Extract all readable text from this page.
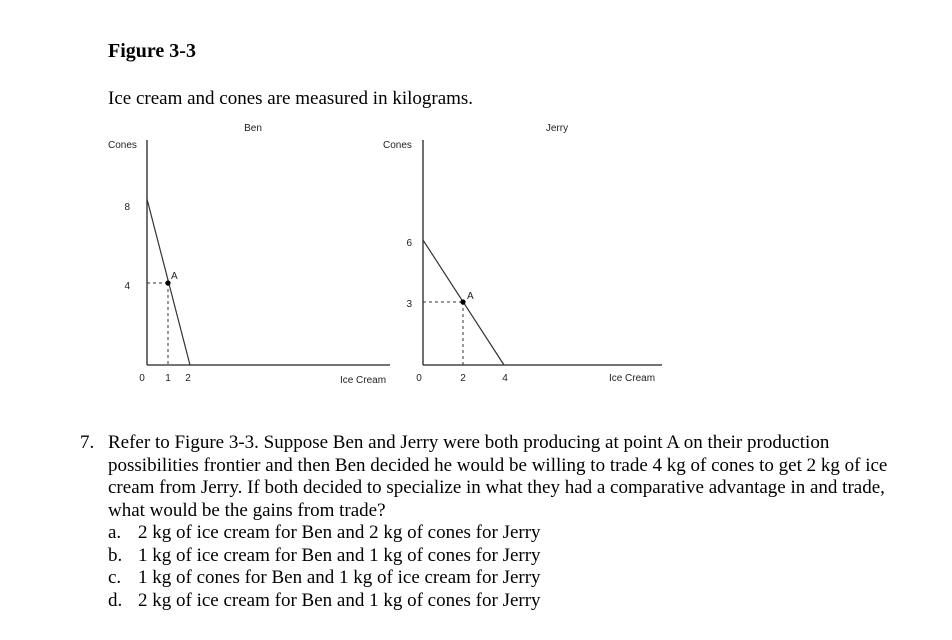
Figure 3-3
Ice cream and cones are measured in kilograms.
Ben
Cones
Ice Cream
8
4
0 1 2
A
Jerry
Cones
Ice Cream
6
3
0	2	4
A
7. Refer to Figure 3-3. Suppose Ben and Jerry were both producing at point A on their production possibilities frontier and then Ben decided he would be willing to trade 4 kg of cones to get 2 kg of ice cream from Jerry. If both decided to specialize in what they had a comparative advantage in and trade, what would be the gains from trade?
a. 2 kg of ice cream for Ben and 2 kg of cones for Jerry
b. 1 kg of ice cream for Ben and 1 kg of cones for Jerry
c. 1 kg of cones for Ben and 1 kg of ice cream for Jerry
d. 2 kg of ice cream for Ben and 1 kg of cones for Jerry
